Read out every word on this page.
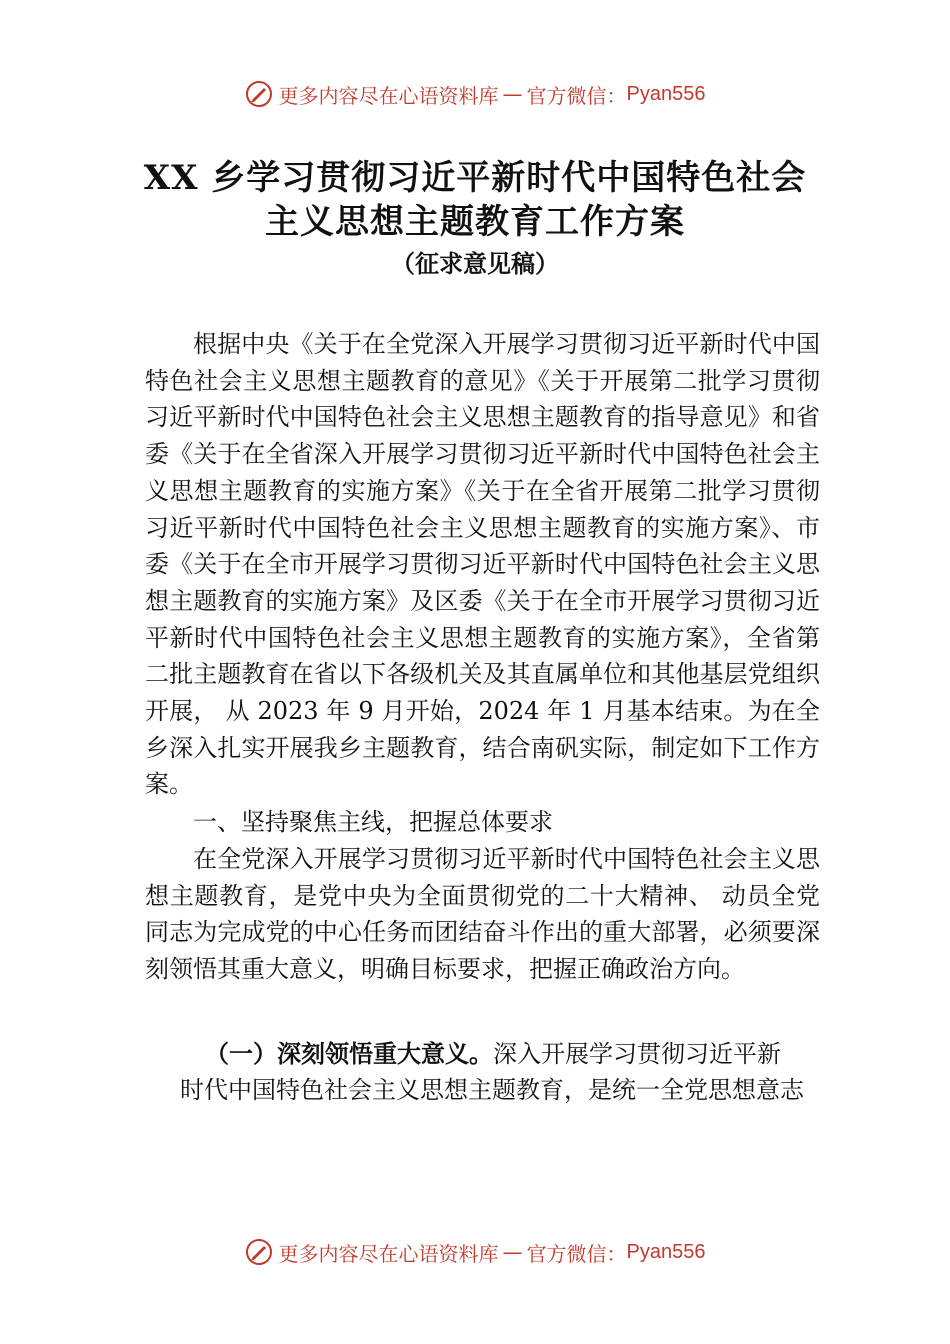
更多内容尽在心语资料库 — 官方微信： Pyan556
XX 乡学习贯彻习近平新时代中国特色社会
主义思想主题教育工作方案
（征求意见稿）
根据中央《关于在全党深入开展学习贯彻习近平新时代中国特色社会主义思想主题教育的意见》《关于开展第二批学习贯彻习近平新时代中国特色社会主义思想主题教育的指导意见》和省委《关于在全省深入开展学习贯彻习近平新时代中国特色社会主义思想主题教育的实施方案》《关于在全省开展第二批学习贯彻习近平新时代中国特色社会主义思想主题教育的实施方案》、市委《关于在全市开展学习贯彻习近平新时代中国特色社会主义思想主题教育的实施方案》及区委《关于在全市开展学习贯彻习近平新时代中国特色社会主义思想主题教育的实施方案》，全省第二批主题教育在省以下各级机关及其直属单位和其他基层党组织开展， 从 2023 年 9 月开始，2024 年 1 月基本结束。为在全乡深入扎实开展我乡主题教育，结合南矾实际，制定如下工作方案。
一、坚持聚焦主线，把握总体要求
在全党深入开展学习贯彻习近平新时代中国特色社会主义思想主题教育，是党中央为全面贯彻党的二十大精神、 动员全党同志为完成党的中心任务而团结奋斗作出的重大部署，必须要深刻领悟其重大意义，明确目标要求，把握正确政治方向。
（一）深刻领悟重大意义。深入开展学习贯彻习近平新
时代中国特色社会主义思想主题教育，是统一全党思想意志
更多内容尽在心语资料库 — 官方微信： Pyan556
